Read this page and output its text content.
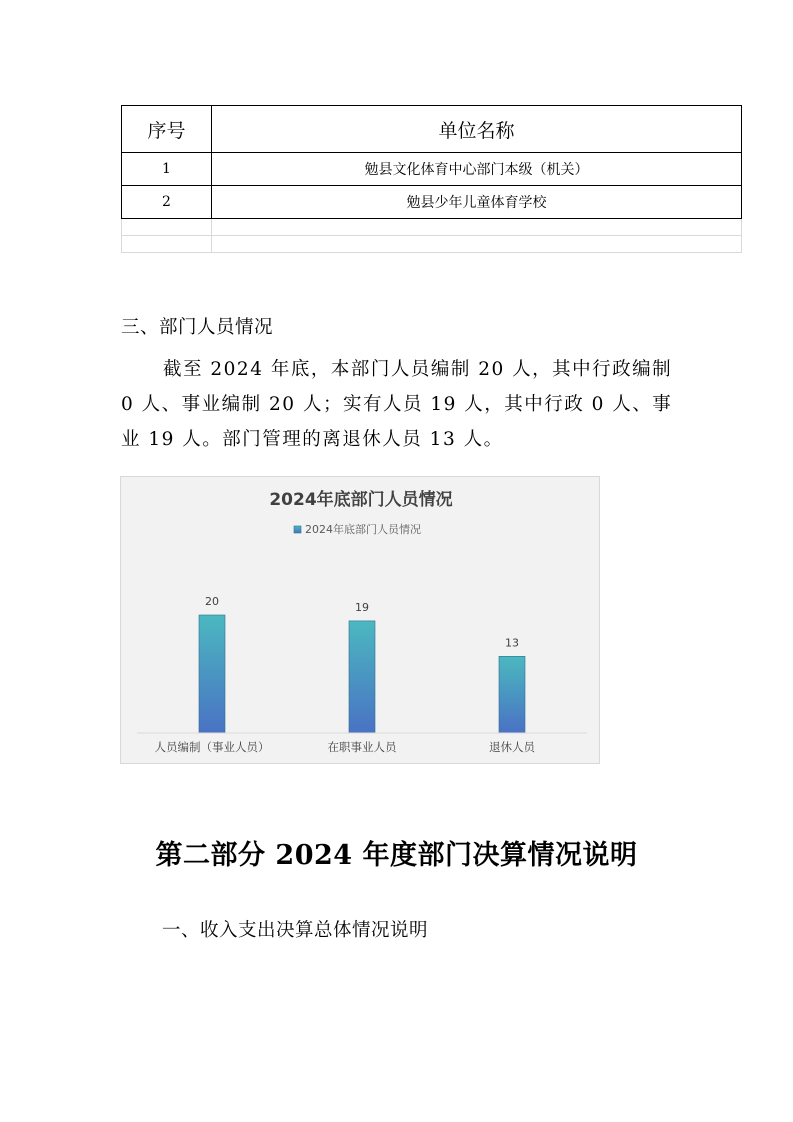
序号	单位名称
1	勉县文化体育中心部门本级（机关）
2	勉县少年儿童体育学校

三、部门人员情况
截至 2024 年底，本部门人员编制 20 人，其中行政编制
0 人、事业编制 20 人；实有人员 19 人，其中行政 0 人、事
业 19 人。部门管理的离退休人员 13 人。
2024年底部门人员情况
2024年底部门人员情况
20
人员编制（事业人员）
19
在职事业人员
13
退休人员
第二部分 2024 年度部门决算情况说明
一、收入支出决算总体情况说明
